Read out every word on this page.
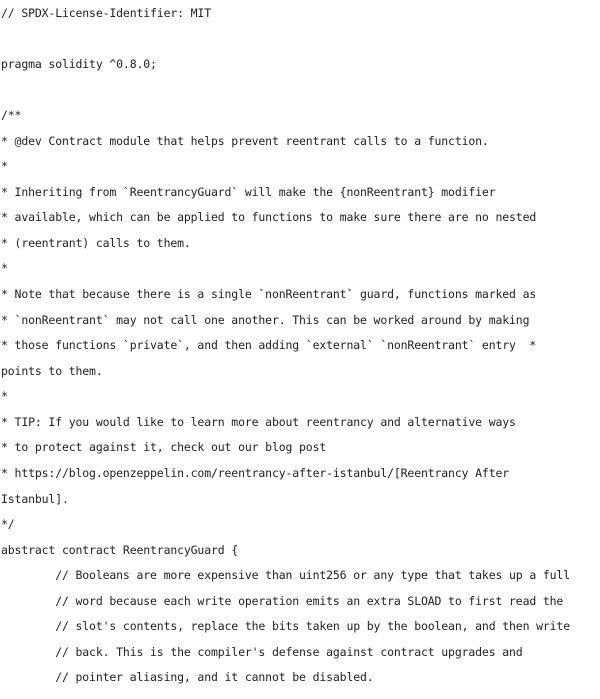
// SPDX-License-Identifier: MIT
pragma solidity ^0.8.0;
/**
* @dev Contract module that helps prevent reentrant calls to a function.
*
* Inheriting from `ReentrancyGuard` will make the {nonReentrant} modifier
* available, which can be applied to functions to make sure there are no nested
* (reentrant) calls to them.
*
* Note that because there is a single `nonReentrant` guard, functions marked as
* `nonReentrant` may not call one another. This can be worked around by making
* those functions `private`, and then adding `external` `nonReentrant` entry  *
points to them.
*
* TIP: If you would like to learn more about reentrancy and alternative ways
* to protect against it, check out our blog post
* https://blog.openzeppelin.com/reentrancy-after-istanbul/[Reentrancy After
Istanbul].
*/
abstract contract ReentrancyGuard {
// Booleans are more expensive than uint256 or any type that takes up a full
// word because each write operation emits an extra SLOAD to first read the
// slot's contents, replace the bits taken up by the boolean, and then write
// back. This is the compiler's defense against contract upgrades and
// pointer aliasing, and it cannot be disabled.
